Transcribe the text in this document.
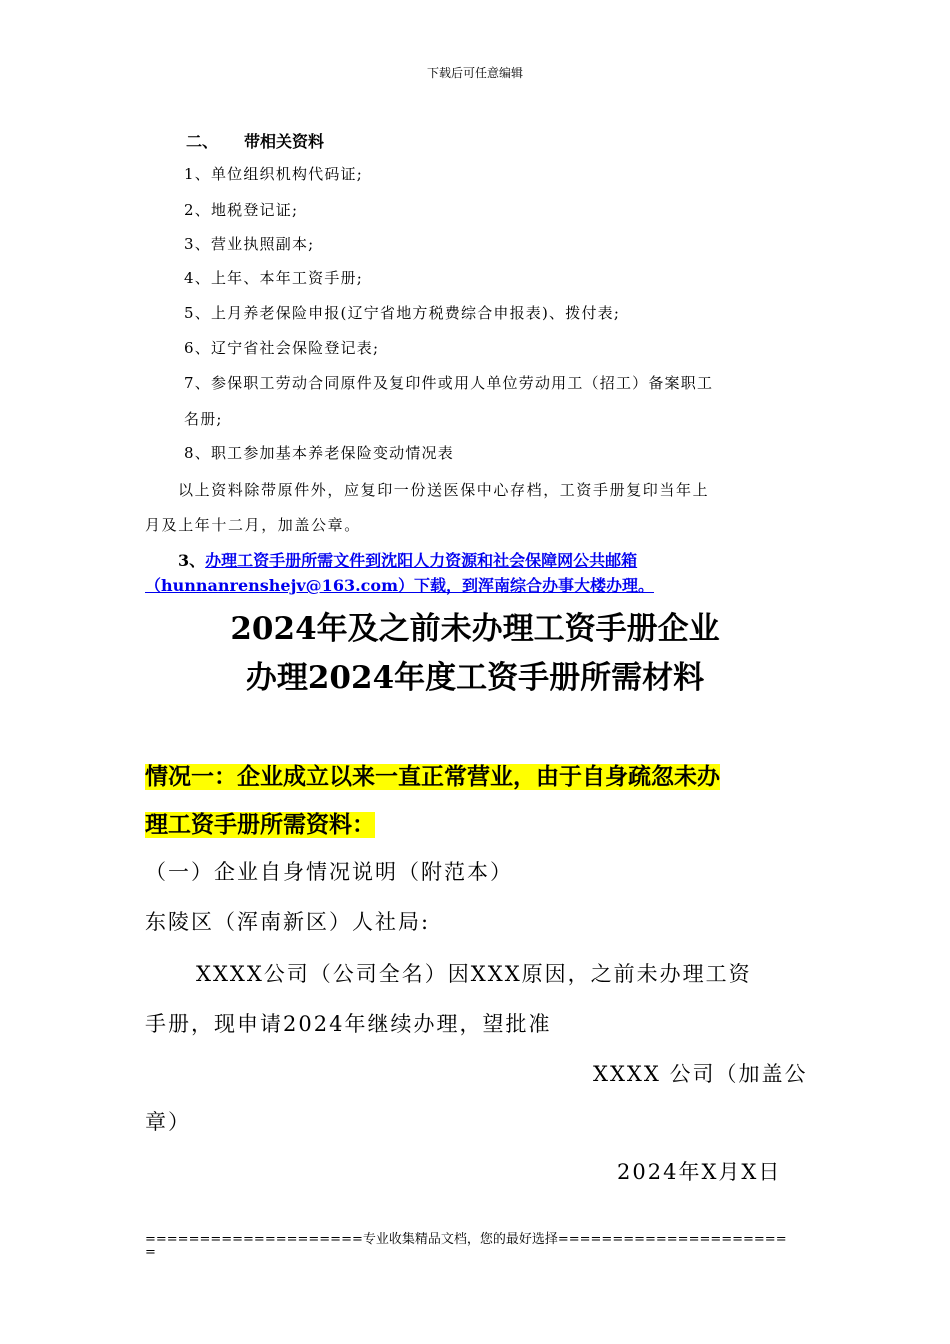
下载后可任意编辑
二、 带相关资料
1、单位组织机构代码证;
2、地税登记证;
3、营业执照副本;
4、上年、本年工资手册;
5、上月养老保险申报(辽宁省地方税费综合申报表)、拨付表;
6、辽宁省社会保险登记表;
7、参保职工劳动合同原件及复印件或用人单位劳动用工（招工）备案职工
名册;
8、职工参加基本养老保险变动情况表
以上资料除带原件外，应复印一份送医保中心存档，工资手册复印当年上
月及上年十二月，加盖公章。
3、办理工资手册所需文件到沈阳人力资源和社会保障网公共邮箱
（hunnanrenshejv@163.com）下载，到浑南综合办事大楼办理。
2024年及之前未办理工资手册企业
办理2024年度工资手册所需材料
情况一：企业成立以来一直正常营业，由于自身疏忽未办
理工资手册所需资料：
（一）企业自身情况说明（附范本）
东陵区（浑南新区）人社局:
XXXX公司（公司全名）因XXX原因，之前未办理工资
手册，现申请2024年继续办理，望批准
XXXX 公司（加盖公
章）
2024年X月X日
====================专业收集精品文档，您的最好选择=====================
=
